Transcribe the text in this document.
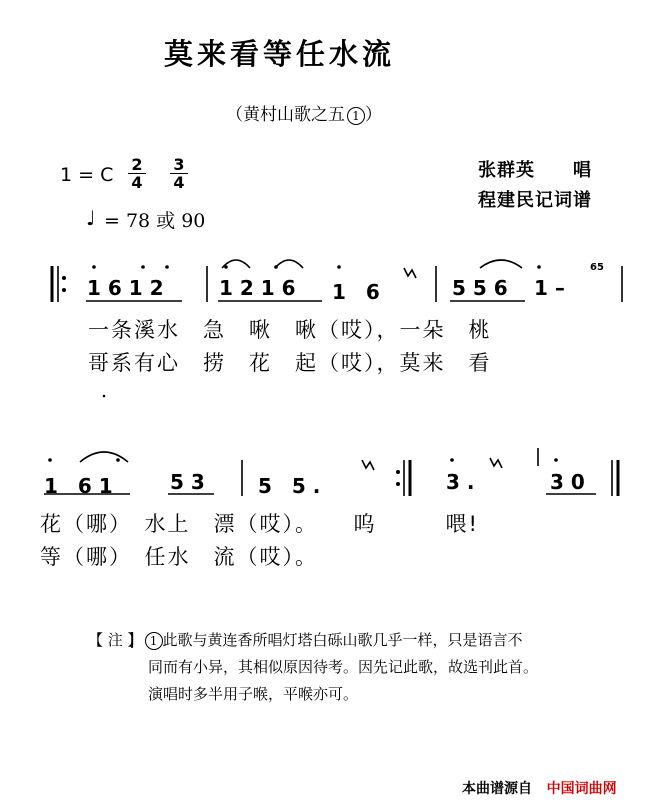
莫来看等任水流
（黄村山歌之五 1 ）
1 = C $\frac{2}{4} \frac{3}{4}$
♩ = 78 或 90
张群英　　唱
程建民记词谱
1 6 1 2	1 2 1 6 1　6	5 5 6 1 –
65
一条溪水　急　啾　啾（哎），一朵　桃
哥系有心　捞　花　起（哎），莫来　看
1　6 1	5 3	5　5 .	3 .	3 0
花（哪）　水上　漂（哎）。　　呜　　　喂!
等（哪）　任水　流（哎）。
【 注 】 1 此歌与黄连香所唱灯塔白砾山歌几乎一样，只是语言不
同而有小异，其相似原因待考。因先记此歌，故选刊此首。
演唱时多半用子喉，平喉亦可。
本曲谱源自 中国词曲网
